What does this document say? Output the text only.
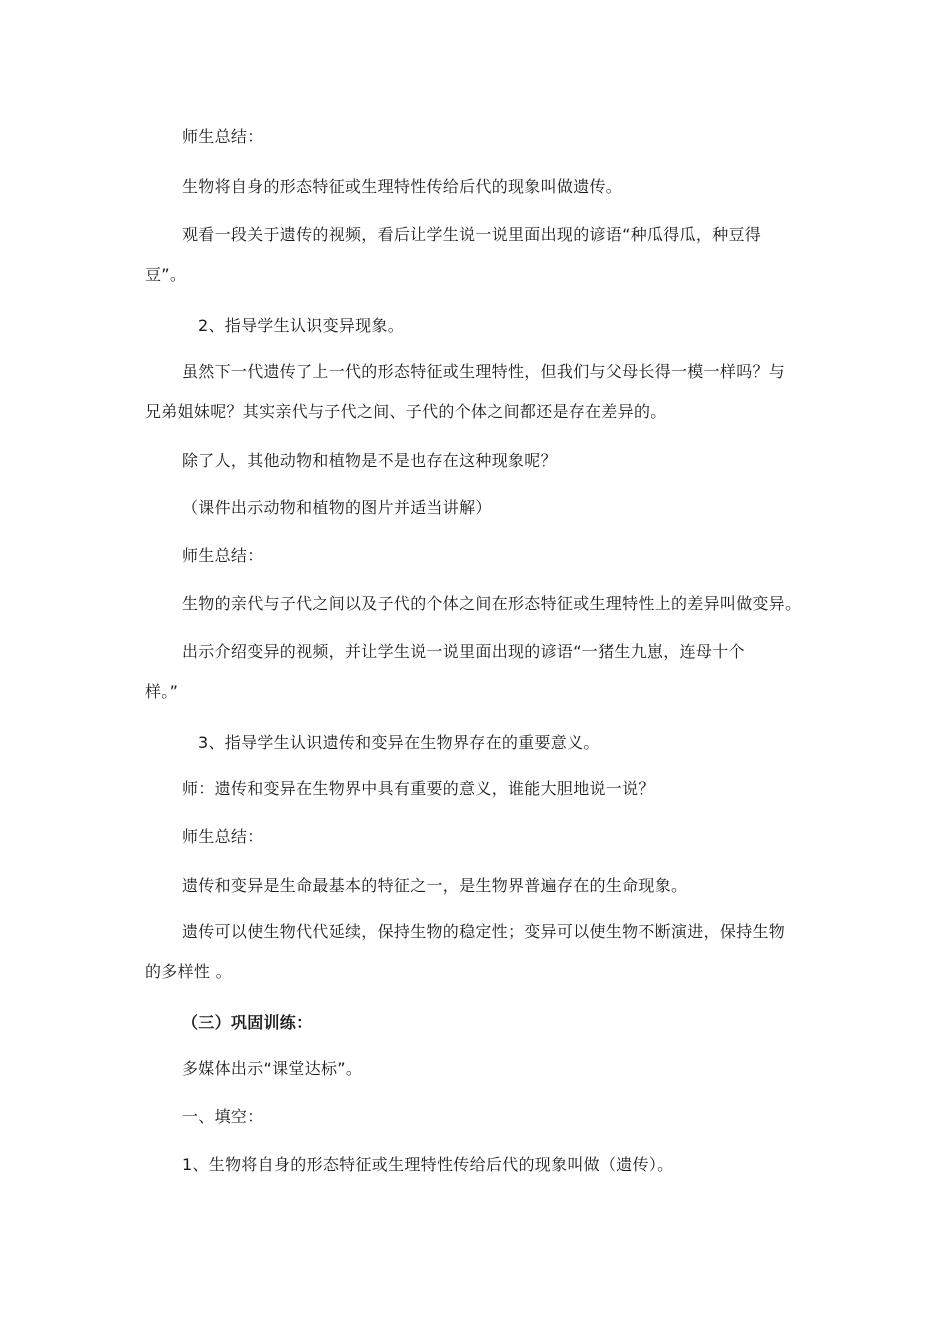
师生总结：
生物将自身的形态特征或生理特性传给后代的现象叫做遗传。
观看一段关于遗传的视频，看后让学生说一说里面出现的谚语“种瓜得瓜，种豆得
豆”。
2、指导学生认识变异现象。
虽然下一代遗传了上一代的形态特征或生理特性，但我们与父母长得一模一样吗？与
兄弟姐妹呢？其实亲代与子代之间、子代的个体之间都还是存在差异的。
除了人，其他动物和植物是不是也存在这种现象呢？
（课件出示动物和植物的图片并适当讲解）
师生总结：
生物的亲代与子代之间以及子代的个体之间在形态特征或生理特性上的差异叫做变异。
出示介绍变异的视频，并让学生说一说里面出现的谚语“一猪生九崽，连母十个
样。”
3、指导学生认识遗传和变异在生物界存在的重要意义。
师：遗传和变异在生物界中具有重要的意义，谁能大胆地说一说？
师生总结：
遗传和变异是生命最基本的特征之一，是生物界普遍存在的生命现象。
遗传可以使生物代代延续，保持生物的稳定性；变异可以使生物不断演进，保持生物
的多样性 。
（三）巩固训练：
多媒体出示“课堂达标”。
一、填空：
1、生物将自身的形态特征或生理特性传给后代的现象叫做（遗传）。
